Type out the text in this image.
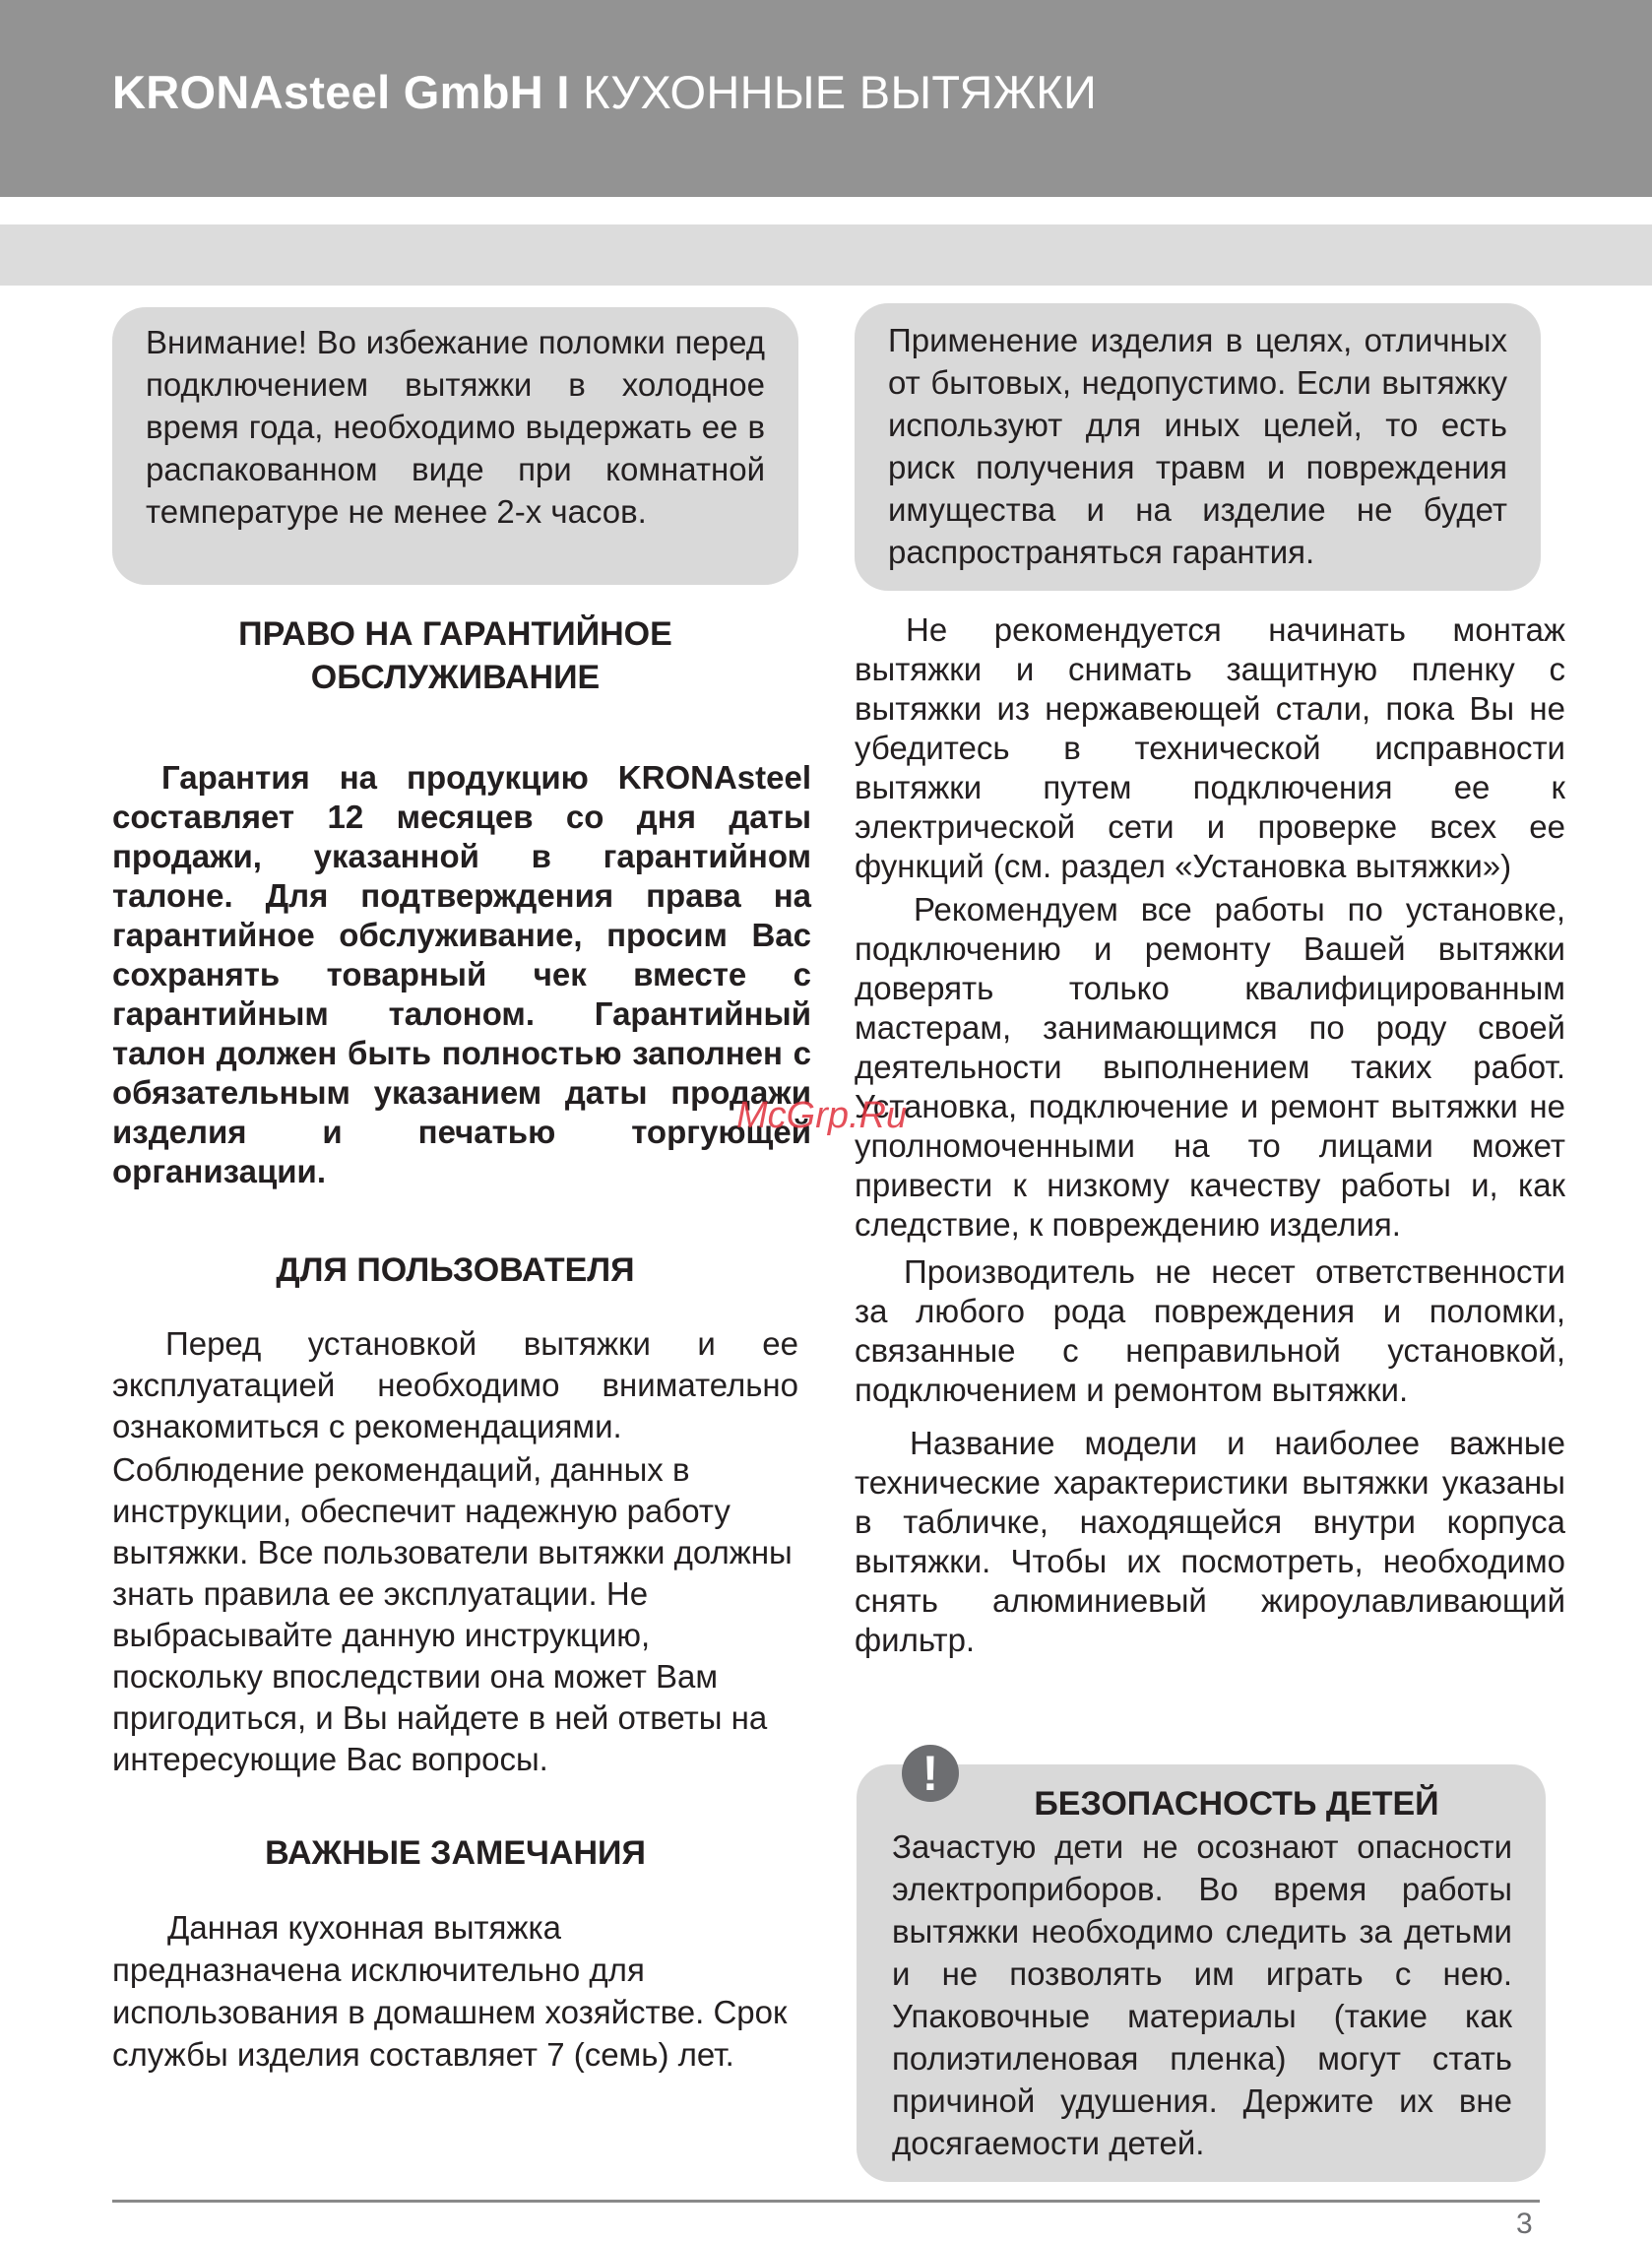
KRONAsteel GmbH I КУХОННЫЕ ВЫТЯЖКИ
Внимание! Во избежание поломки перед подключением вытяжки в холодное время года, необходимо выдержать ее в распакованном виде при комнатной температуре не менее 2-х часов.
ПРАВО НА ГАРАНТИЙНОЕ
ОБСЛУЖИВАНИЕ

Гарантия на продукцию KRONAsteel составляет 12 месяцев со дня даты продажи, указанной в гарантийном талоне. Для подтверждения права на гарантийное обслуживание, просим Вас сохранять товарный чек вместе с гарантийным талоном. Гарантийный талон должен быть полностью заполнен с обязательным указанием даты продажи изделия и печатью торгующей организации.

ДЛЯ ПОЛЬЗОВАТЕЛЯ

Перед установкой вытяжки и ее эксплуатацией необходимо внимательно ознакомиться с рекомендациями.

Соблюдение рекомендаций, данных в инструкции, обеспечит надежную работу вытяжки. Все пользователи вытяжки должны знать правила ее эксплуатации. Не выбрасывайте данную инструкцию, поскольку впоследствии она может Вам пригодиться, и Вы найдете в ней ответы на интересующие Вас вопросы.

ВАЖНЫЕ ЗАМЕЧАНИЯ

Данная кухонная вытяжка предназначена исключительно для использования в домашнем хозяйстве. Срок службы изделия составляет 7 (семь) лет.

Применение изделия в целях, отличных от бытовых, недопустимо. Если вытяжку используют для иных целей, то есть риск получения травм и повреждения имущества и на изделие не будет распространяться гарантия.

Не рекомендуется начинать монтаж вытяжки и снимать защитную пленку с вытяжки из нержавеющей стали, пока Вы не убедитесь в технической исправности вытяжки путем подключения ее к электрической сети и проверке всех ее функций (см. раздел «Установка вытяжки»)

Рекомендуем все работы по установке, подключению и ремонту Вашей вытяжки доверять только квалифицированным мастерам, занимающимся по роду своей деятельности выполнением таких работ. Установка, подключение и ремонт вытяжки не уполномоченными на то лицами может привести к низкому качеству работы и, как следствие, к повреждению изделия.

Производитель не несет ответственности за любого рода повреждения и поломки, связанные с неправильной установкой, подключением и ремонтом вытяжки.

Название модели и наиболее важные технические характеристики вытяжки указаны в табличке, находящейся внутри корпуса вытяжки. Чтобы их посмотреть, необходимо снять алюминиевый жироулавливающий фильтр.

БЕЗОПАСНОСТЬ ДЕТЕЙ
Зачастую дети не осознают опасности электроприборов. Во время работы вытяжки необходимо следить за детьми и не позволять им играть с нею. Упаковочные материалы (такие как полиэтиленовая пленка) могут стать причиной удушения. Держите их вне досягаемости детей.
!
McGrp.Ru
3
